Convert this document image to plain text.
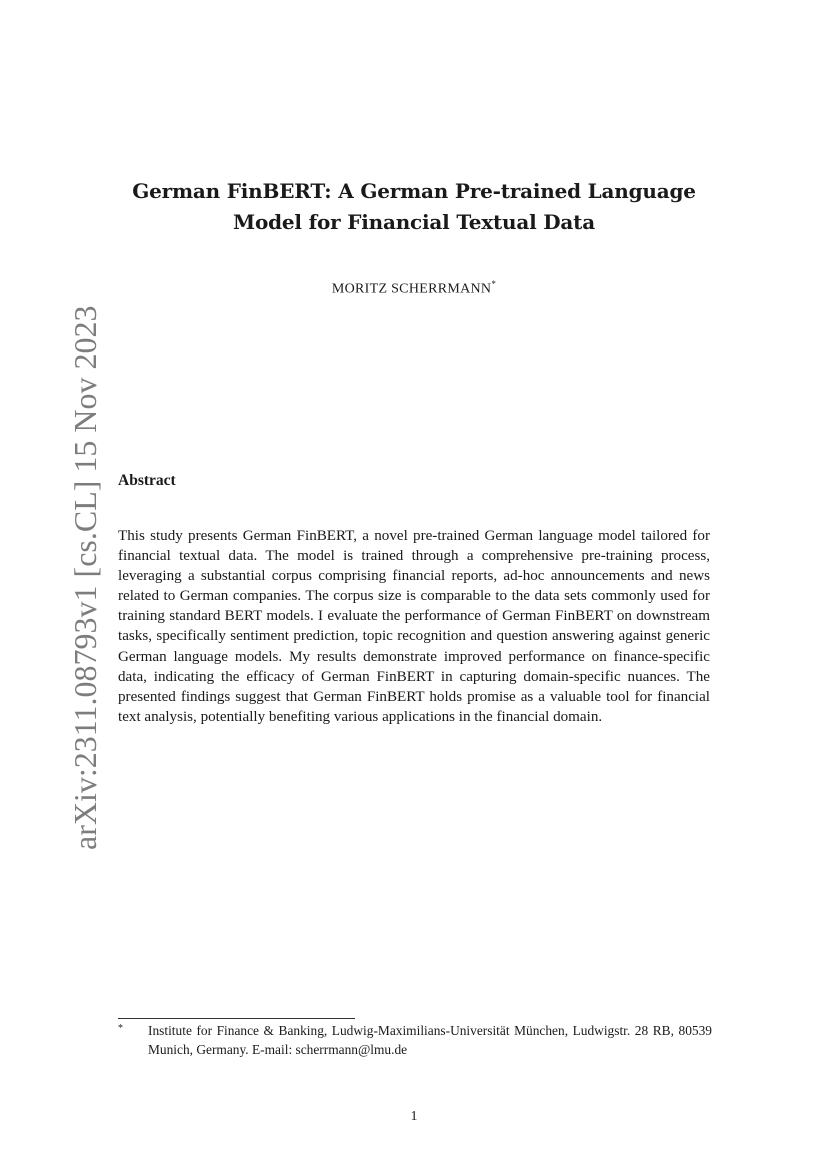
arXiv:2311.08793v1 [cs.CL] 15 Nov 2023
German FinBERT: A German Pre-trained Language
Model for Financial Textual Data
MORITZ SCHERRMANN*
Abstract
This study presents German FinBERT, a novel pre-trained German language model tailored for financial textual data. The model is trained through a comprehensive pre-training process, leveraging a substantial corpus comprising financial reports, ad-hoc announcements and news related to German companies. The corpus size is comparable to the data sets commonly used for training standard BERT models. I evaluate the performance of German FinBERT on downstream tasks, specifically sentiment prediction, topic recognition and question answering against generic German language models. My results demonstrate improved performance on finance-specific data, indicating the efficacy of German FinBERT in capturing domain-specific nuances. The presented findings suggest that German FinBERT holds promise as a valuable tool for financial text analysis, potentially benefiting various applications in the financial domain.
* Institute for Finance & Banking, Ludwig-Maximilians-Universität München, Ludwigstr. 28 RB, 80539 Munich, Germany. E-mail: scherrmann@lmu.de
1
